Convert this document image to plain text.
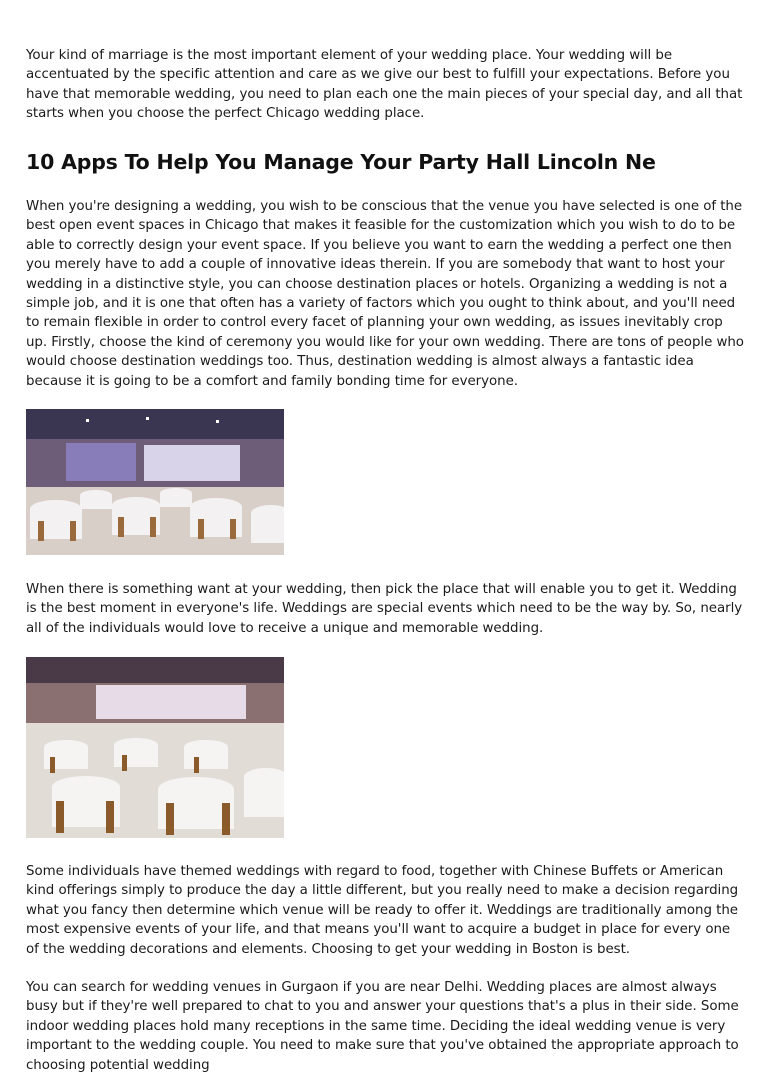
Your kind of marriage is the most important element of your wedding place. Your wedding will be accentuated by the specific attention and care as we give our best to fulfill your expectations. Before you have that memorable wedding, you need to plan each one the main pieces of your special day, and all that starts when you choose the perfect Chicago wedding place.

10 Apps To Help You Manage Your Party Hall Lincoln Ne

When you're designing a wedding, you wish to be conscious that the venue you have selected is one of the best open event spaces in Chicago that makes it feasible for the customization which you wish to do to be able to correctly design your event space. If you believe you want to earn the wedding a perfect one then you merely have to add a couple of innovative ideas therein. If you are somebody that want to host your wedding in a distinctive style, you can choose destination places or hotels. Organizing a wedding is not a simple job, and it is one that often has a variety of factors which you ought to think about, and you'll need to remain flexible in order to control every facet of planning your own wedding, as issues inevitably crop up. Firstly, choose the kind of ceremony you would like for your own wedding. There are tons of people who would choose destination weddings too. Thus, destination wedding is almost always a fantastic idea because it is going to be a comfort and family bonding time for everyone.

When there is something want at your wedding, then pick the place that will enable you to get it. Wedding is the best moment in everyone's life. Weddings are special events which need to be the way by. So, nearly all of the individuals would love to receive a unique and memorable wedding.

Some individuals have themed weddings with regard to food, together with Chinese Buffets or American kind offerings simply to produce the day a little different, but you really need to make a decision regarding what you fancy then determine which venue will be ready to offer it. Weddings are traditionally among the most expensive events of your life, and that means you'll want to acquire a budget in place for every one of the wedding decorations and elements. Choosing to get your wedding in Boston is best.

You can search for wedding venues in Gurgaon if you are near Delhi. Wedding places are almost always busy but if they're well prepared to chat to you and answer your questions that's a plus in their side. Some indoor wedding places hold many receptions in the same time. Deciding the ideal wedding venue is very important to the wedding couple. You need to make sure that you've obtained the appropriate approach to choosing potential wedding
